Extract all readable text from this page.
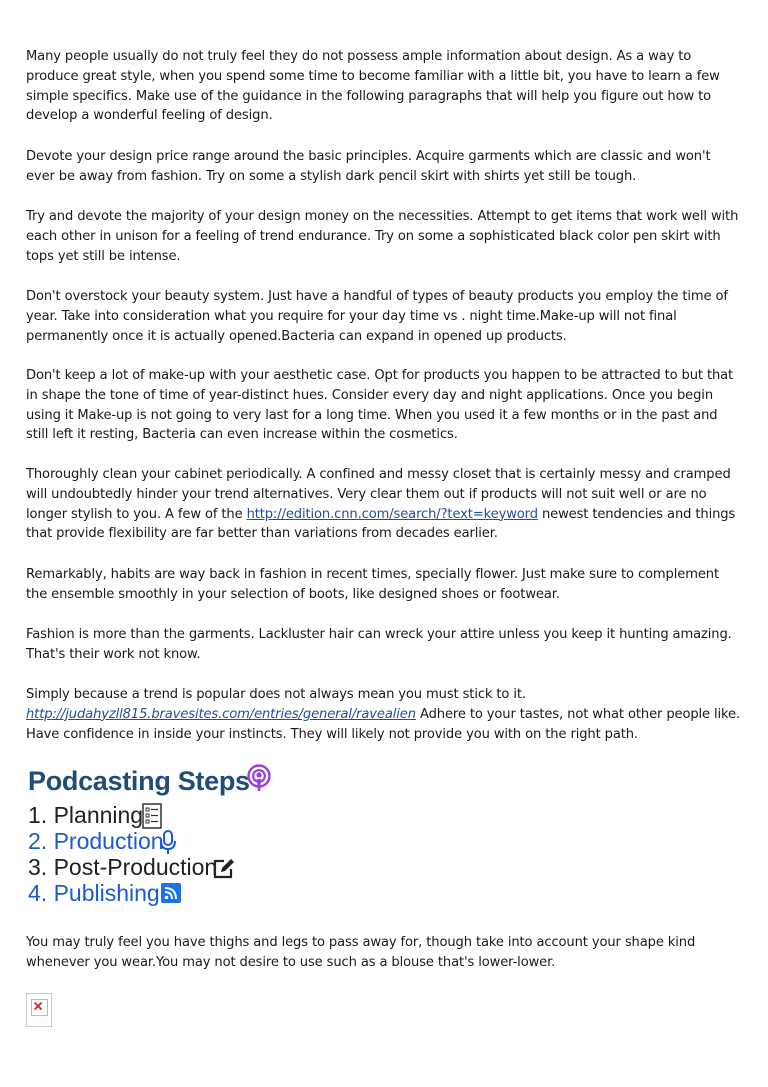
Many people usually do not truly feel they do not possess ample information about design. As a way to produce great style, when you spend some time to become familiar with a little bit, you have to learn a few simple specifics. Make use of the guidance in the following paragraphs that will help you figure out how to develop a wonderful feeling of design.

Devote your design price range around the basic principles. Acquire garments which are classic and won't ever be away from fashion. Try on some a stylish dark pencil skirt with shirts yet still be tough.

Try and devote the majority of your design money on the necessities. Attempt to get items that work well with each other in unison for a feeling of trend endurance. Try on some a sophisticated black color pen skirt with tops yet still be intense.

Don't overstock your beauty system. Just have a handful of types of beauty products you employ the time of year. Take into consideration what you require for your day time vs . night time.Make-up will not final permanently once it is actually opened.Bacteria can expand in opened up products.

Don't keep a lot of make-up with your aesthetic case. Opt for products you happen to be attracted to but that in shape the tone of time of year-distinct hues. Consider every day and night applications. Once you begin using it Make-up is not going to very last for a long time. When you used it a few months or in the past and still left it resting, Bacteria can even increase within the cosmetics.

Thoroughly clean your cabinet periodically. A confined and messy closet that is certainly messy and cramped will undoubtedly hinder your trend alternatives. Very clear them out if products will not suit well or are no longer stylish to you. A few of the http://edition.cnn.com/search/?text=keyword newest tendencies and things that provide flexibility are far better than variations from decades earlier.

Remarkably, habits are way back in fashion in recent times, specially flower. Just make sure to complement the ensemble smoothly in your selection of boots, like designed shoes or footwear.

Fashion is more than the garments. Lackluster hair can wreck your attire unless you keep it hunting amazing. That's their work not know.

Simply because a trend is popular does not always mean you must stick to it. http://judahyzll815.bravesites.com/entries/general/ravealien Adhere to your tastes, not what other people like. Have confidence in inside your instincts. They will likely not provide you with on the right path.

Podcasting Steps
1. Planning
2. Production
3. Post-Production
4. Publishing

You may truly feel you have thighs and legs to pass away for, though take into account your shape kind whenever you wear.You may not desire to use such as a blouse that's lower-lower.
